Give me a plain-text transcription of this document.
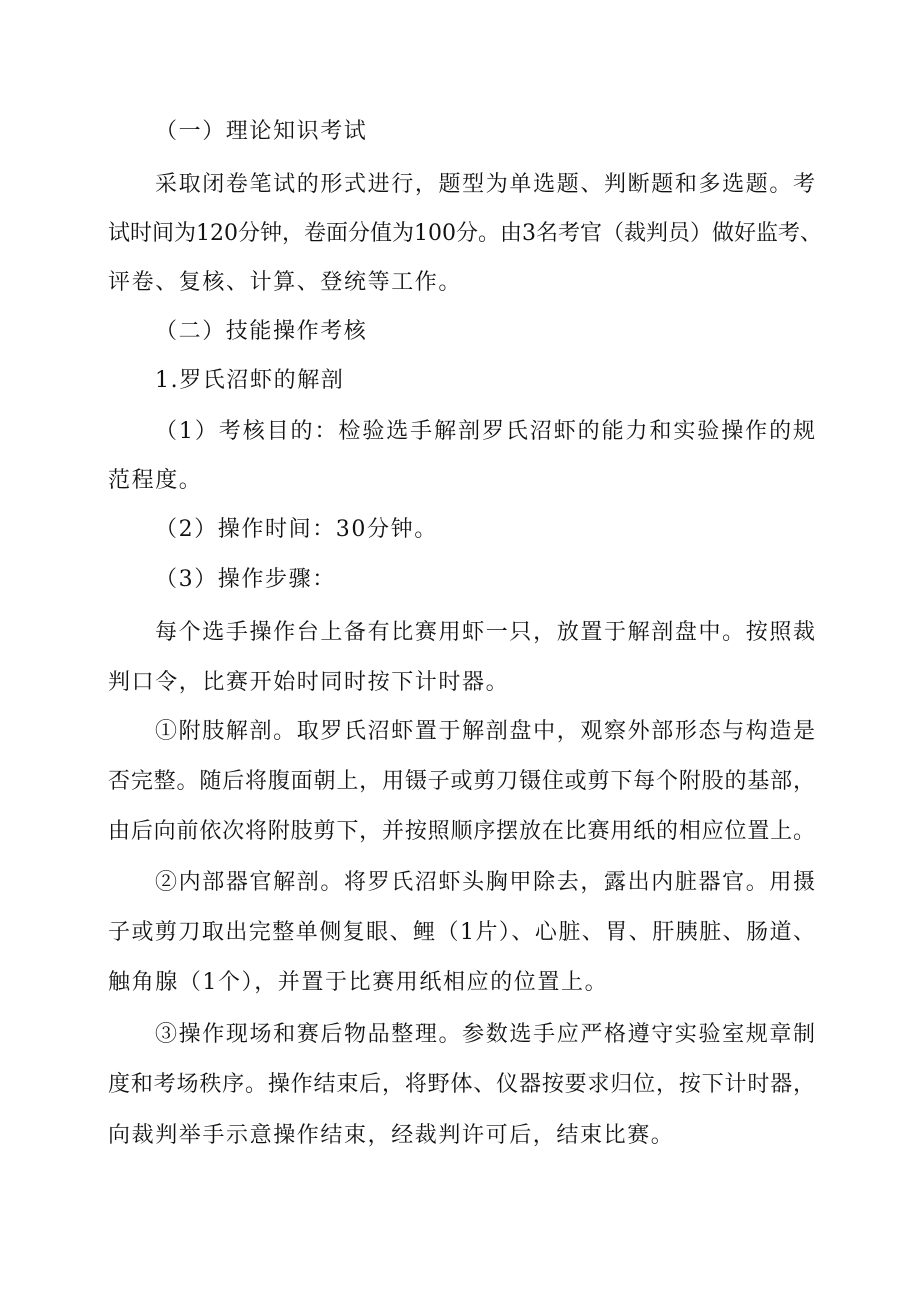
（一）理论知识考试
采取闭卷笔试的形式进行，题型为单选题、判断题和多选题。考
试时间为120分钟，卷面分值为100分。由3名考官（裁判员）做好监考、
评卷、复核、计算、登统等工作。
（二）技能操作考核
1.罗氏沼虾的解剖
（1）考核目的：检验选手解剖罗氏沼虾的能力和实验操作的规
范程度。
（2）操作时间：30分钟。
（3）操作步骤：
每个选手操作台上备有比赛用虾一只，放置于解剖盘中。按照裁
判口令，比赛开始时同时按下计时器。
①附肢解剖。取罗氏沼虾置于解剖盘中，观察外部形态与构造是
否完整。随后将腹面朝上，用镊子或剪刀镊住或剪下每个附股的基部，
由后向前依次将附肢剪下，并按照顺序摆放在比赛用纸的相应位置上。
②内部器官解剖。将罗氏沼虾头胸甲除去，露出内脏器官。用摄
子或剪刀取出完整单侧复眼、鲤（1片）、心脏、胃、肝胰脏、肠道、
触角腺（1个），并置于比赛用纸相应的位置上。
③操作现场和赛后物品整理。参数选手应严格遵守实验室规章制
度和考场秩序。操作结束后，将野体、仪器按要求归位，按下计时器，
向裁判举手示意操作结束，经裁判许可后，结束比赛。
